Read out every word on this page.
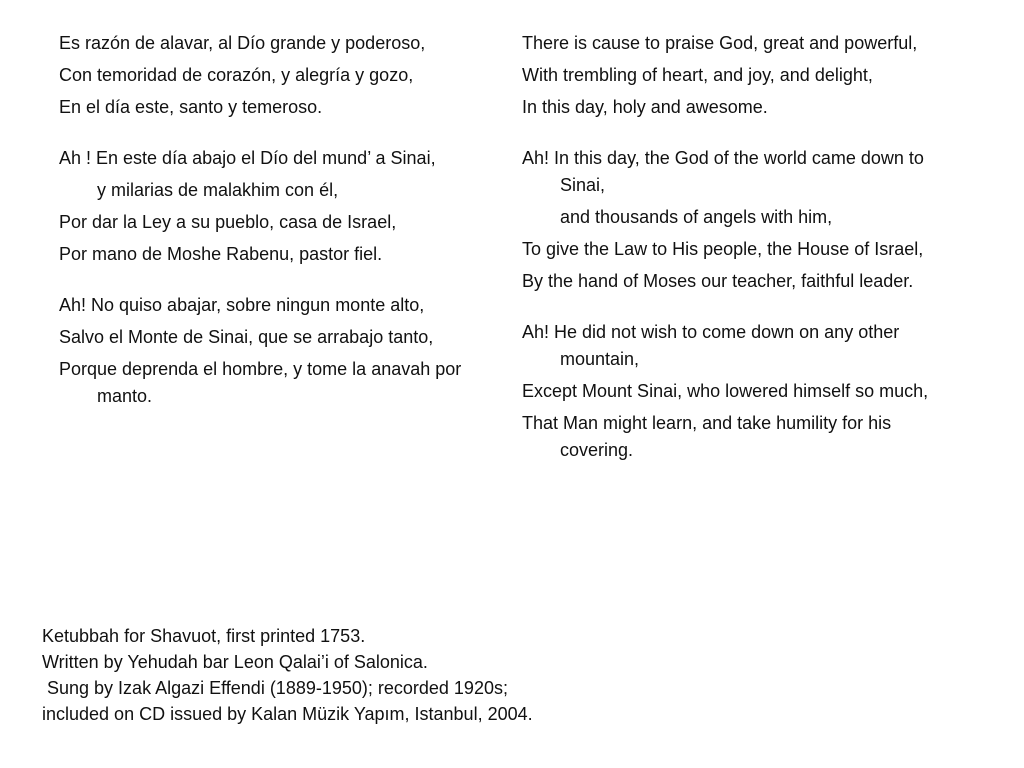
Es razón de alavar, al Dío grande y poderoso,
Con temoridad de corazón, y alegría y gozo,
En el día este, santo y temeroso.
Ah ! En este día abajo el Dío del mund’ a Sinai,
y milarias de malakhim con él,
Por dar la Ley a su pueblo, casa de Israel,
Por mano de Moshe Rabenu, pastor fiel.
Ah! No quiso abajar, sobre ningun monte alto,
Salvo el Monte de Sinai, que se arrabajo tanto,
Porque deprenda el hombre, y tome la anavah por manto.
There is cause to praise God, great and powerful,
With trembling of heart, and joy, and delight,
In this day, holy and awesome.
Ah! In this day, the God of the world came down to Sinai,
and thousands of angels with him,
To give the Law to His people, the House of Israel,
By the hand of Moses our teacher, faithful leader.
Ah! He did not wish to come down on any other mountain,
Except Mount Sinai, who lowered himself so much,
That Man might learn, and take humility for his covering.
Ketubbah for Shavuot, first printed 1753.
Written by Yehudah bar Leon Qalai’i of Salonica.
Sung by Izak Algazi Effendi (1889-1950); recorded 1920s;
included on CD issued by Kalan Müzik Yapım, Istanbul, 2004.
